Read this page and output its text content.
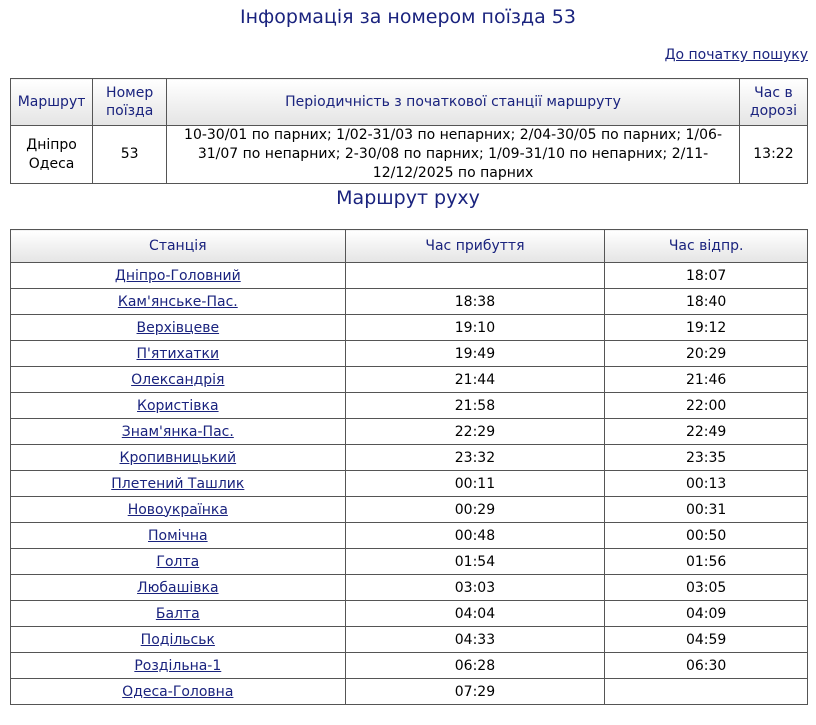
Інформація за номером поїзда 53
До початку пошуку
Маршрут	Номер поїзда	Періодичність з початкової станції маршруту	Час в дорозі

Дніпро
Одеса	53	10-30/01 по парних; 1/02-31/03 по непарних; 2/04-30/05 по парних; 1/06-31/07 по непарних; 2-30/08 по парних; 1/09-31/10 по непарних; 2/11-12/12/2025 по парних	13:22
Маршрут руху
Станція	Час прибуття	Час відпр.
Дніпро-Головний		18:07
Кам'янське-Пас.	18:38	18:40
Верхівцеве	19:10	19:12
П'ятихатки	19:49	20:29
Олександрія	21:44	21:46
Користівка	21:58	22:00
Знам'янка-Пас.	22:29	22:49
Кропивницький	23:32	23:35
Плетений Ташлик	00:11	00:13
Новоукраїнка	00:29	00:31
Помічна	00:48	00:50
Голта	01:54	01:56
Любашівка	03:03	03:05
Балта	04:04	04:09
Подільськ	04:33	04:59
Роздільна-1	06:28	06:30
Одеса-Головна	07:29	
